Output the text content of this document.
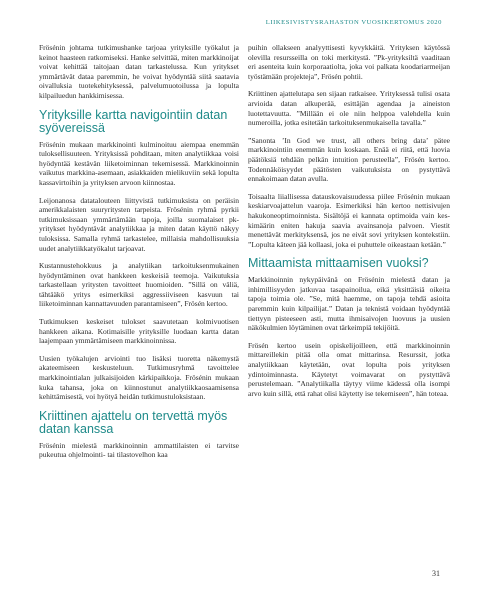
LIIKESIVISTYSRAHASTON VUOSIKERTOMUS 2020

Frösénin johtama tutkimushanke tarjoaa yrityksille työkalut ja keinot haasteen ratkomiseksi. Hanke selvittää, miten markkinoijat voivat kehittää taitojaan datan tarkastelussa. Kun yritykset ymmärtävät dataa paremmin, he voivat hyödyntää siitä saatavia oivalluksia tuotekehityksessä, palvelumuotoilussa ja lopulta kilpailuedun hankkimisessa.

Yrityksille kartta navigointiin datan syövereissä

Frösénin mukaan markkinointi kulminoituu aiempaa enemmän tuloksellisuuteen. Yrityksissä pohditaan, miten analytiikkaa voisi hyödyntää kestävän liiketoiminnan tekemisessä. Markkinoinnin vaikutus markkina-asemaan, asiakkaiden mielikuviin sekä lopulta kassavirtoihin ja yrityksen arvoon kiinnostaa.

Leijonanosa datatalouteen liittyvistä tutkimuksista on peräisin amerikkalaisten suuryritysten tarpeista. Frösénin ryhmä pyrkii tutkimuksissaan ymmärtämään tapoja, joilla suomalaiset pk-yritykset hyödyntävät analytiikkaa ja miten datan käyttö näkyy tuloksissa. Samalla ryhmä tarkastelee, millaisia mahdollisuuksia uudet analytiikkatyökalut tarjoavat.

Kustannustehokkuus ja analytiikan tarkoituksenmukainen hyödyntäminen ovat hankkeen keskeisiä teemoja. Vaikutuksia tarkastellaan yritysten tavoitteet huomioiden. ”Sillä on väliä, tähtääkö yritys esimerkiksi aggressiiviseen kasvuun tai liiketoiminnan kannattavuuden parantamiseen”, Frösén kertoo.

Tutkimuksen keskeiset tulokset saavutetaan kolmivuotisen hankkeen aikana. Kotimaisille yrityksille luodaan kartta datan laajempaan ymmärtämiseen markkinoinnissa.

Uusien työkalujen arviointi tuo lisäksi tuoretta näkemystä akateemiseen keskusteluun. Tutkimusryhmä tavoittelee markkinointialan julkaisijoiden kärkipaikkoja. Frösénin mukaan kuka tahansa, joka on kiinnostunut analytiikkaosaamisensa kehittämisestä, voi hyötyä heidän tutkimustuloksistaan.

Kriittinen ajattelu on tervettä myös datan kanssa

Frösénin mielestä markkinoinnin ammattilaisten ei tarvitse pukeutua ohjelmointi- tai tilastovelhon kaa

puihin ollakseen analyyttisesti kyvykkäitä. Yrityksen käytössä olevilla resursseilla on toki merkitystä. ”Pk-yrityksiltä vaaditaan eri asenteita kuin korporaatiolta, joka voi palkata koodariarmeijan työstämään projekteja”, Frösén pohtii.

Kriittinen ajattelutapa sen sijaan ratkaisee. Yrityksessä tulisi osata arvioida datan alkuperää, esittäjän agendaa ja aineiston luotettavuutta. ”Millään ei ole niin helppoa valehdella kuin numeroilla, jotka esitetään tarkoituksenmukaisella tavalla.”

”Sanonta ’In God we trust, all others bring data’ pätee markkinointiin enemmän kuin koskaan. Enää ei riitä, että luovia päätöksiä tehdään pelkän intuition perusteella”, Frösén kertoo. Todennäköisyydet päätösten vaikutuksista on pystyttävä ennakoimaan datan avulla.

Toisaalta liiallisessa datauskovaisuudessa piilee Frösénin mukaan keskiarvoajattelun vaaroja. Esimerkiksi hän kertoo nettisivujen hakukoneoptimoinnista. Sisältöjä ei kannata optimoida vain keskimäärin eniten hakuja saavia avainsanoja palvoen. Viestit menettävät merkityksensä, jos ne eivät sovi yrityksen kontekstiin. ”Lopulta käteen jää kollaasi, joka ei puhuttele oikeastaan ketään.”

Mittaamista mittaamisen vuoksi?

Markkinoinnin nykypäivänä on Frösénin mielestä datan ja inhimillisyyden jatkuvaa tasapainoilua, eikä yksittäisiä oikeita tapoja toimia ole. ”Se, mitä haemme, on tapoja tehdä asioita paremmin kuin kilpailijat.” Datan ja teknistä voidaan hyödyntää tiettyyn pisteeseen asti, mutta ihmisaivojen luovuus ja uusien näkökulmien löytäminen ovat tärkeimpiä tekijöitä.

Frösén kertoo usein opiskelijoilleen, että markkinoinnin mittareillekin pitää olla omat mittarinsa. Resurssit, jotka analytiikkaan käytetään, ovat lopulta pois yrityksen ydintoiminnasta. Käytetyt voimavarat on pystyttävä perustelemaan. ”Analytiikalla täytyy viime kädessä olla isompi arvo kuin sillä, että rahat olisi käytetty ise tekemiseen”, hän toteaa.

31
